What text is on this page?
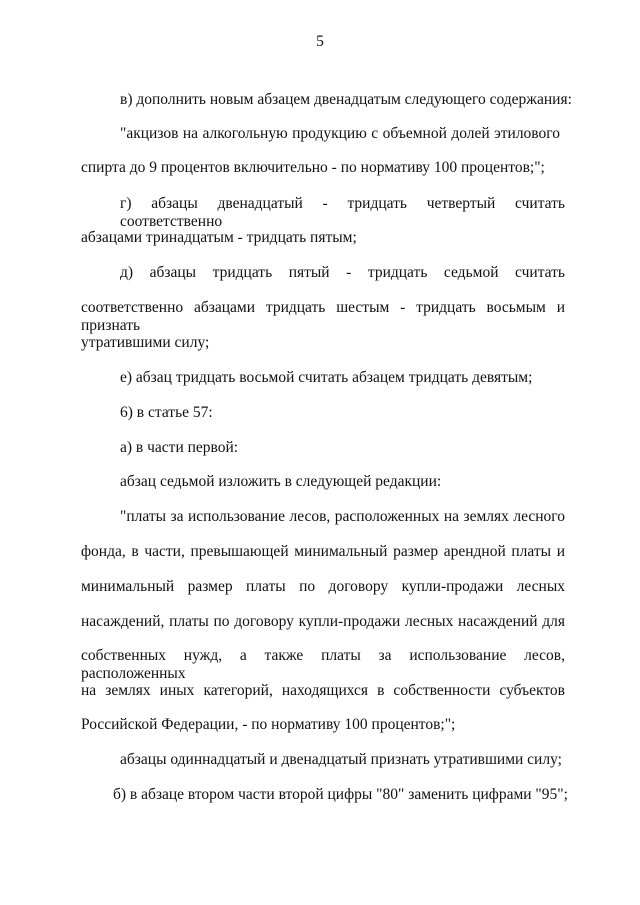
5
в) дополнить новым абзацем двенадцатым следующего содержания:
"акцизов на алкогольную продукцию с объемной долей этилового
спирта до 9 процентов включительно - по нормативу 100 процентов;";
г) абзацы двенадцатый - тридцать четвертый считать соответственно
абзацами тринадцатым - тридцать пятым;
д) абзацы тридцать пятый - тридцать седьмой считать
соответственно абзацами тридцать шестым - тридцать восьмым и признать
утратившими силу;
е) абзац тридцать восьмой считать абзацем тридцать девятым;
6) в статье 57:
а) в части первой:
абзац седьмой изложить в следующей редакции:
"платы за использование лесов, расположенных на землях лесного
фонда, в части, превышающей минимальный размер арендной платы и
минимальный размер платы по договору купли-продажи лесных
насаждений, платы по договору купли-продажи лесных насаждений для
собственных нужд, а также платы за использование лесов, расположенных
на землях иных категорий, находящихся в собственности субъектов
Российской Федерации, - по нормативу 100 процентов;";
абзацы одиннадцатый и двенадцатый признать утратившими силу;
б) в абзаце втором части второй цифры "80" заменить цифрами "95";
